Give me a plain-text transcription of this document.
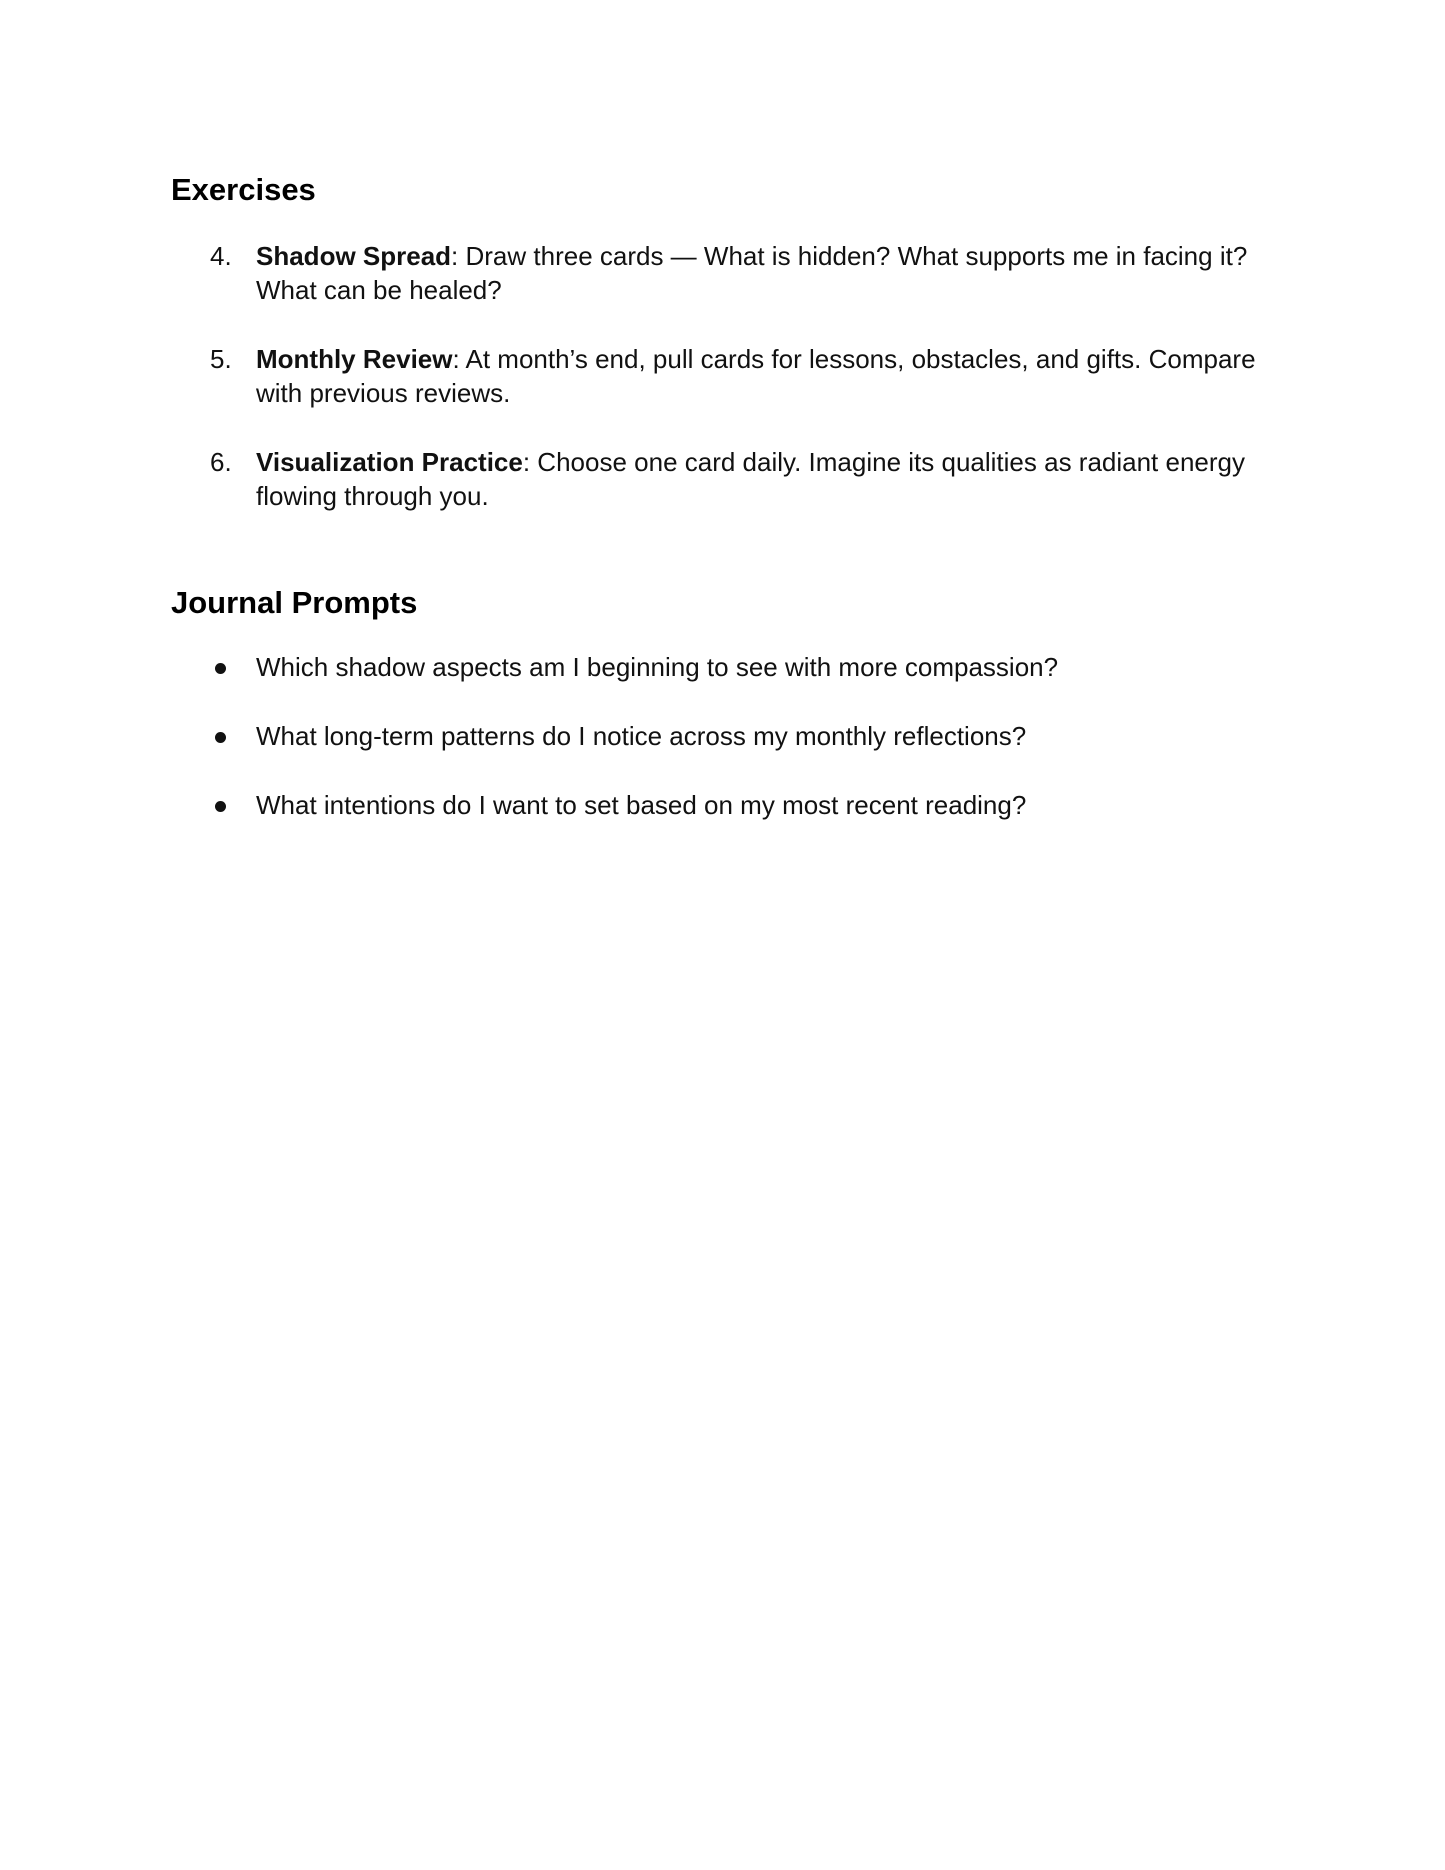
Exercises
4. Shadow Spread: Draw three cards — What is hidden? What supports me in facing it? What can be healed?

5. Monthly Review: At month’s end, pull cards for lessons, obstacles, and gifts. Compare with previous reviews.

6. Visualization Practice: Choose one card daily. Imagine its qualities as radiant energy flowing through you.

Journal Prompts

Which shadow aspects am I beginning to see with more compassion?

What long-term patterns do I notice across my monthly reflections?

What intentions do I want to set based on my most recent reading?
